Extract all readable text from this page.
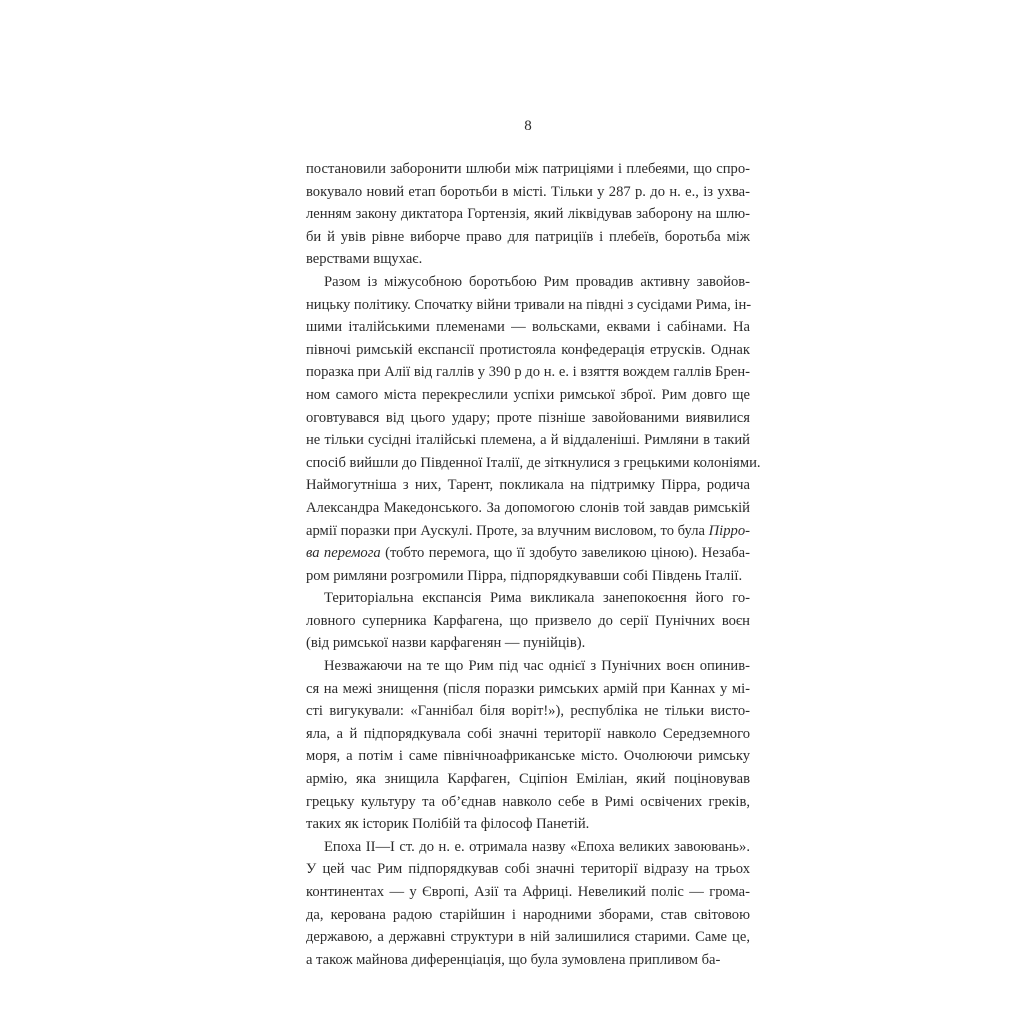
8

постановили заборонити шлюби між патриціями і плебеями, що спро-
вокувало новий етап боротьби в місті. Тільки у 287 р. до н. е., із ухва-
ленням закону диктатора Гортензія, який ліквідував заборону на шлю-
би й увів рівне виборче право для патриціїв і плебеїв, боротьба між
верствами вщухає.

Разом із міжусобною боротьбою Рим провадив активну завойов-
ницьку політику. Спочатку війни тривали на півдні з сусідами Рима, ін-
шими італійськими племенами — вольсками, еквами і сабінами. На
півночі римській експансії протистояла конфедерація етрусків. Однак
поразка при Алії від галлів у 390 р до н. е. і взяття вождем галлів Брен-
ном самого міста перекреслили успіхи римської зброї. Рим довго ще
оговтувався від цього удару; проте пізніше завойованими виявилися
не тільки сусідні італійські племена, а й віддаленіші. Римляни в такий
спосіб вийшли до Південної Італії, де зіткнулися з грецькими колоніями.
Наймогутніша з них, Тарент, покликала на підтримку Пірра, родича
Александра Македонського. За допомогою слонів той завдав римській
армії поразки при Аускулі. Проте, за влучним висловом, то була Пірро-
ва перемога (тобто перемога, що її здобуто завеликою ціною). Незаба-
ром римляни розгромили Пірра, підпорядкувавши собі Південь Італії.

Територіальна експансія Рима викликала занепокоєння його го-
ловного суперника Карфагена, що призвело до серії Пунічних воєн
(від римської назви карфагенян — пунійців).

Незважаючи на те що Рим під час однієї з Пунічних воєн опинив-
ся на межі знищення (після поразки римських армій при Каннах у мі-
сті вигукували: «Ганнібал біля воріт!»), республіка не тільки висто-
яла, а й підпорядкувала собі значні території навколо Середземного
моря, а потім і саме північноафриканське місто. Очолюючи римську
армію, яка знищила Карфаген, Сціпіон Еміліан, який поціновував
грецьку культуру та об’єднав навколо себе в Римі освічених греків,
таких як історик Полібій та філософ Панетій.

Епоха II—I ст. до н. е. отримала назву «Епоха великих завоювань».
У цей час Рим підпорядкував собі значні території відразу на трьох
континентах — у Європі, Азії та Африці. Невеликий поліс — грома-
да, керована радою старійшин і народними зборами, став світовою
державою, а державні структури в ній залишилися старими. Саме це,
а також майнова диференціація, що була зумовлена припливом ба-
